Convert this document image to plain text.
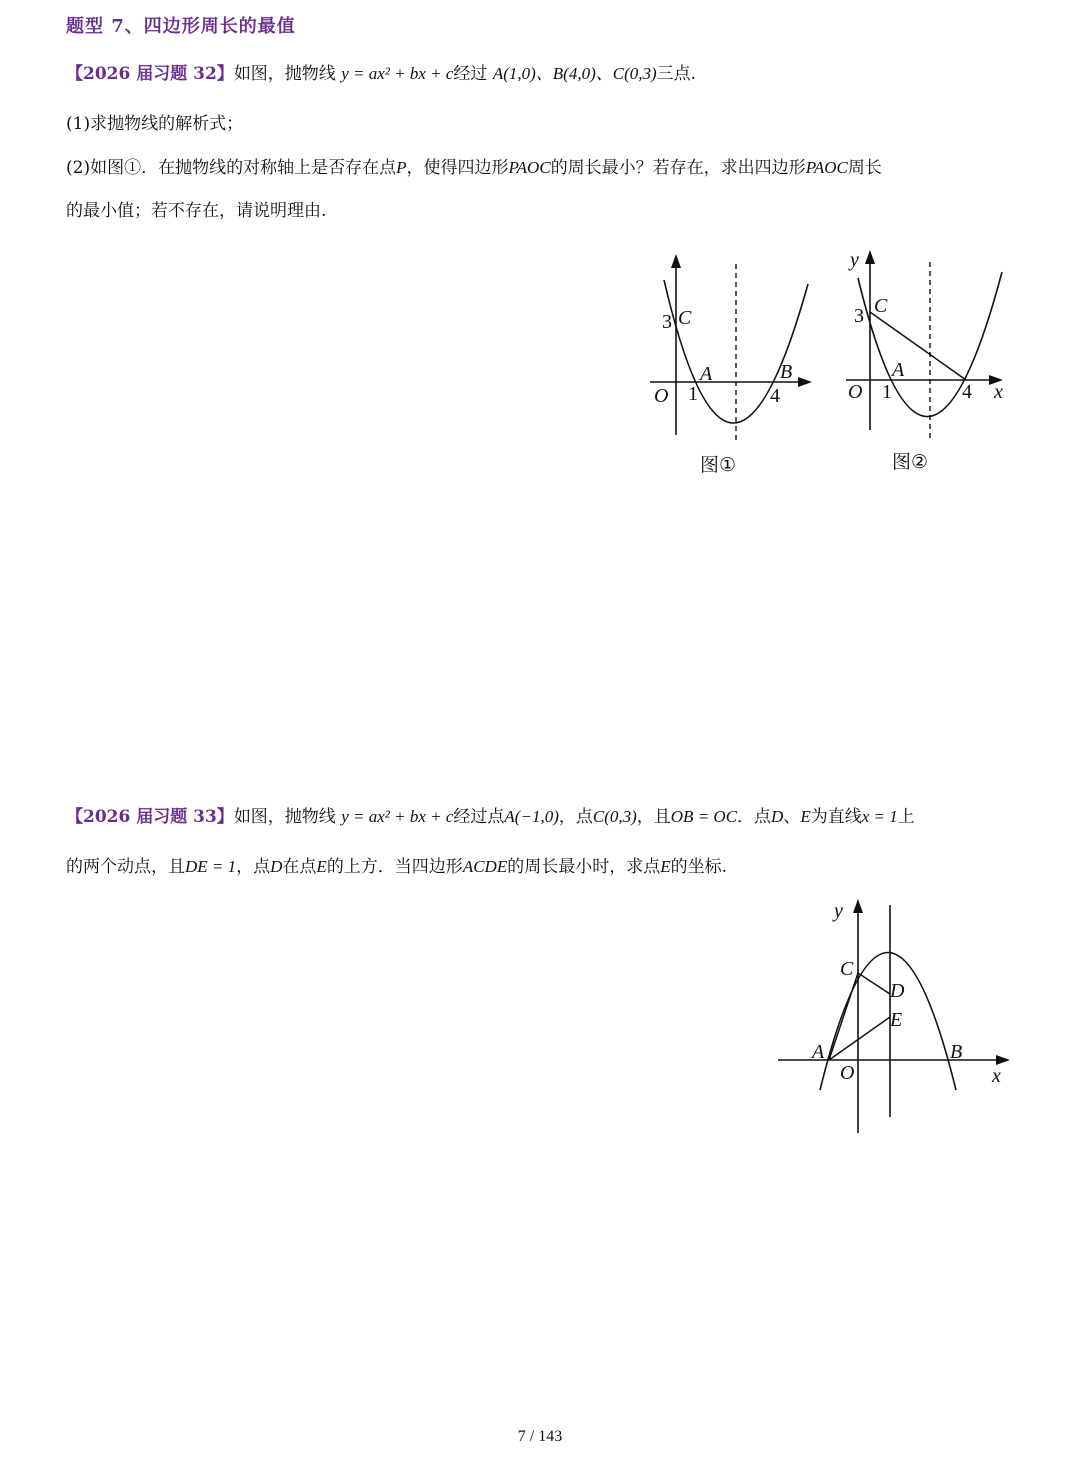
题型 7、四边形周长的最值
【2026 届习题 32】如图，抛物线 y = ax² + bx + c经过 A(1,0)、B(4,0)、C(0,3)三点.
(1)求抛物线的解析式；
(2)如图①．在抛物线的对称轴上是否存在点P，使得四边形PAOC的周长最小？若存在，求出四边形PAOC周长
的最小值；若不存在，请说明理由.
3 C
A	B
O 1	4
图①
y
3 C
A
O 1	4 x
图②
【2026 届习题 33】如图，抛物线 y = ax² + bx + c经过点A(−1,0)，点C(0,3)，且OB = OC．点D、E为直线x = 1上
的两个动点，且DE = 1，点D在点E的上方．当四边形ACDE的周长最小时，求点E的坐标.
y
C
D
E
A
O
B
x
7 / 143
